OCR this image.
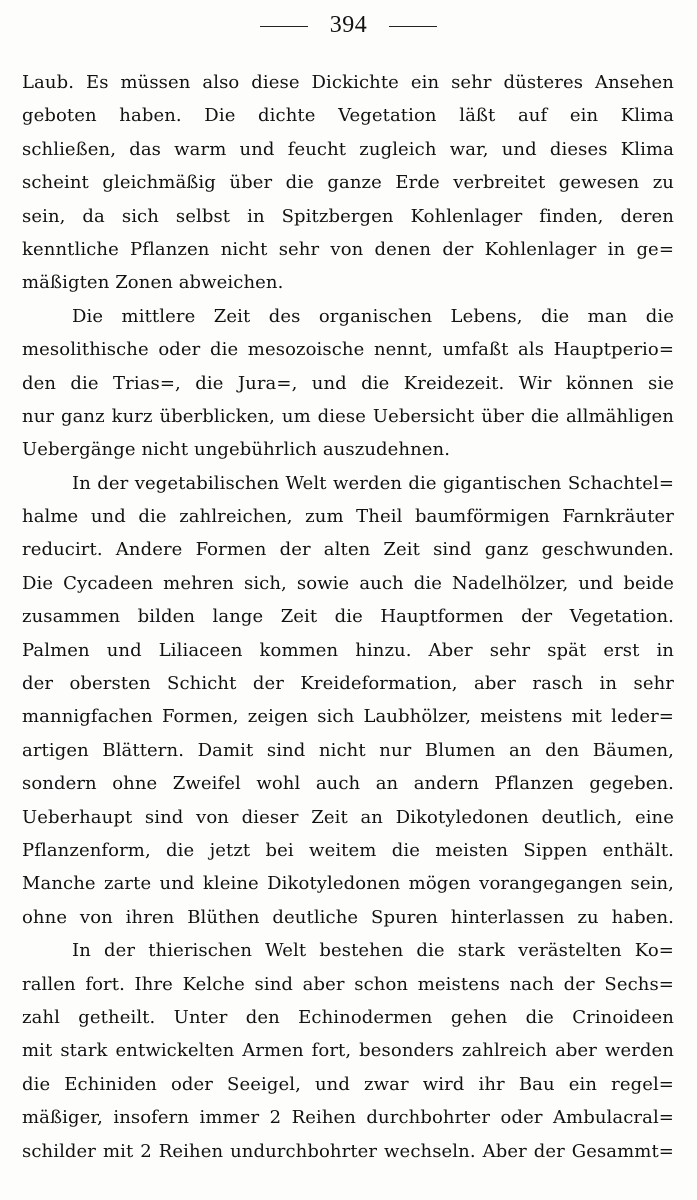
394
Laub. Es müssen also diese Dickichte ein sehr düsteres Ansehen
geboten haben. Die dichte Vegetation läßt auf ein Klima
schließen, das warm und feucht zugleich war, und dieses Klima
scheint gleichmäßig über die ganze Erde verbreitet gewesen zu
sein, da sich selbst in Spitzbergen Kohlenlager finden, deren
kenntliche Pflanzen nicht sehr von denen der Kohlenlager in ge=
mäßigten Zonen abweichen.
Die mittlere Zeit des organischen Lebens, die man die
mesolithische oder die mesozoische nennt, umfaßt als Hauptperio=
den die Trias=, die Jura=, und die Kreidezeit. Wir können sie
nur ganz kurz überblicken, um diese Uebersicht über die allmähligen
Uebergänge nicht ungebührlich auszudehnen.
In der vegetabilischen Welt werden die gigantischen Schachtel=
halme und die zahlreichen, zum Theil baumförmigen Farnkräuter
reducirt. Andere Formen der alten Zeit sind ganz geschwunden.
Die Cycadeen mehren sich, sowie auch die Nadelhölzer, und beide
zusammen bilden lange Zeit die Hauptformen der Vegetation.
Palmen und Liliaceen kommen hinzu. Aber sehr spät erst in
der obersten Schicht der Kreideformation, aber rasch in sehr
mannigfachen Formen, zeigen sich Laubhölzer, meistens mit leder=
artigen Blättern. Damit sind nicht nur Blumen an den Bäumen,
sondern ohne Zweifel wohl auch an andern Pflanzen gegeben.
Ueberhaupt sind von dieser Zeit an Dikotyledonen deutlich, eine
Pflanzenform, die jetzt bei weitem die meisten Sippen enthält.
Manche zarte und kleine Dikotyledonen mögen vorangegangen sein,
ohne von ihren Blüthen deutliche Spuren hinterlassen zu haben.
In der thierischen Welt bestehen die stark verästelten Ko=
rallen fort. Ihre Kelche sind aber schon meistens nach der Sechs=
zahl getheilt. Unter den Echinodermen gehen die Crinoideen
mit stark entwickelten Armen fort, besonders zahlreich aber werden
die Echiniden oder Seeigel, und zwar wird ihr Bau ein regel=
mäßiger, insofern immer 2 Reihen durchbohrter oder Ambulacral=
schilder mit 2 Reihen undurchbohrter wechseln. Aber der Gesammt=
